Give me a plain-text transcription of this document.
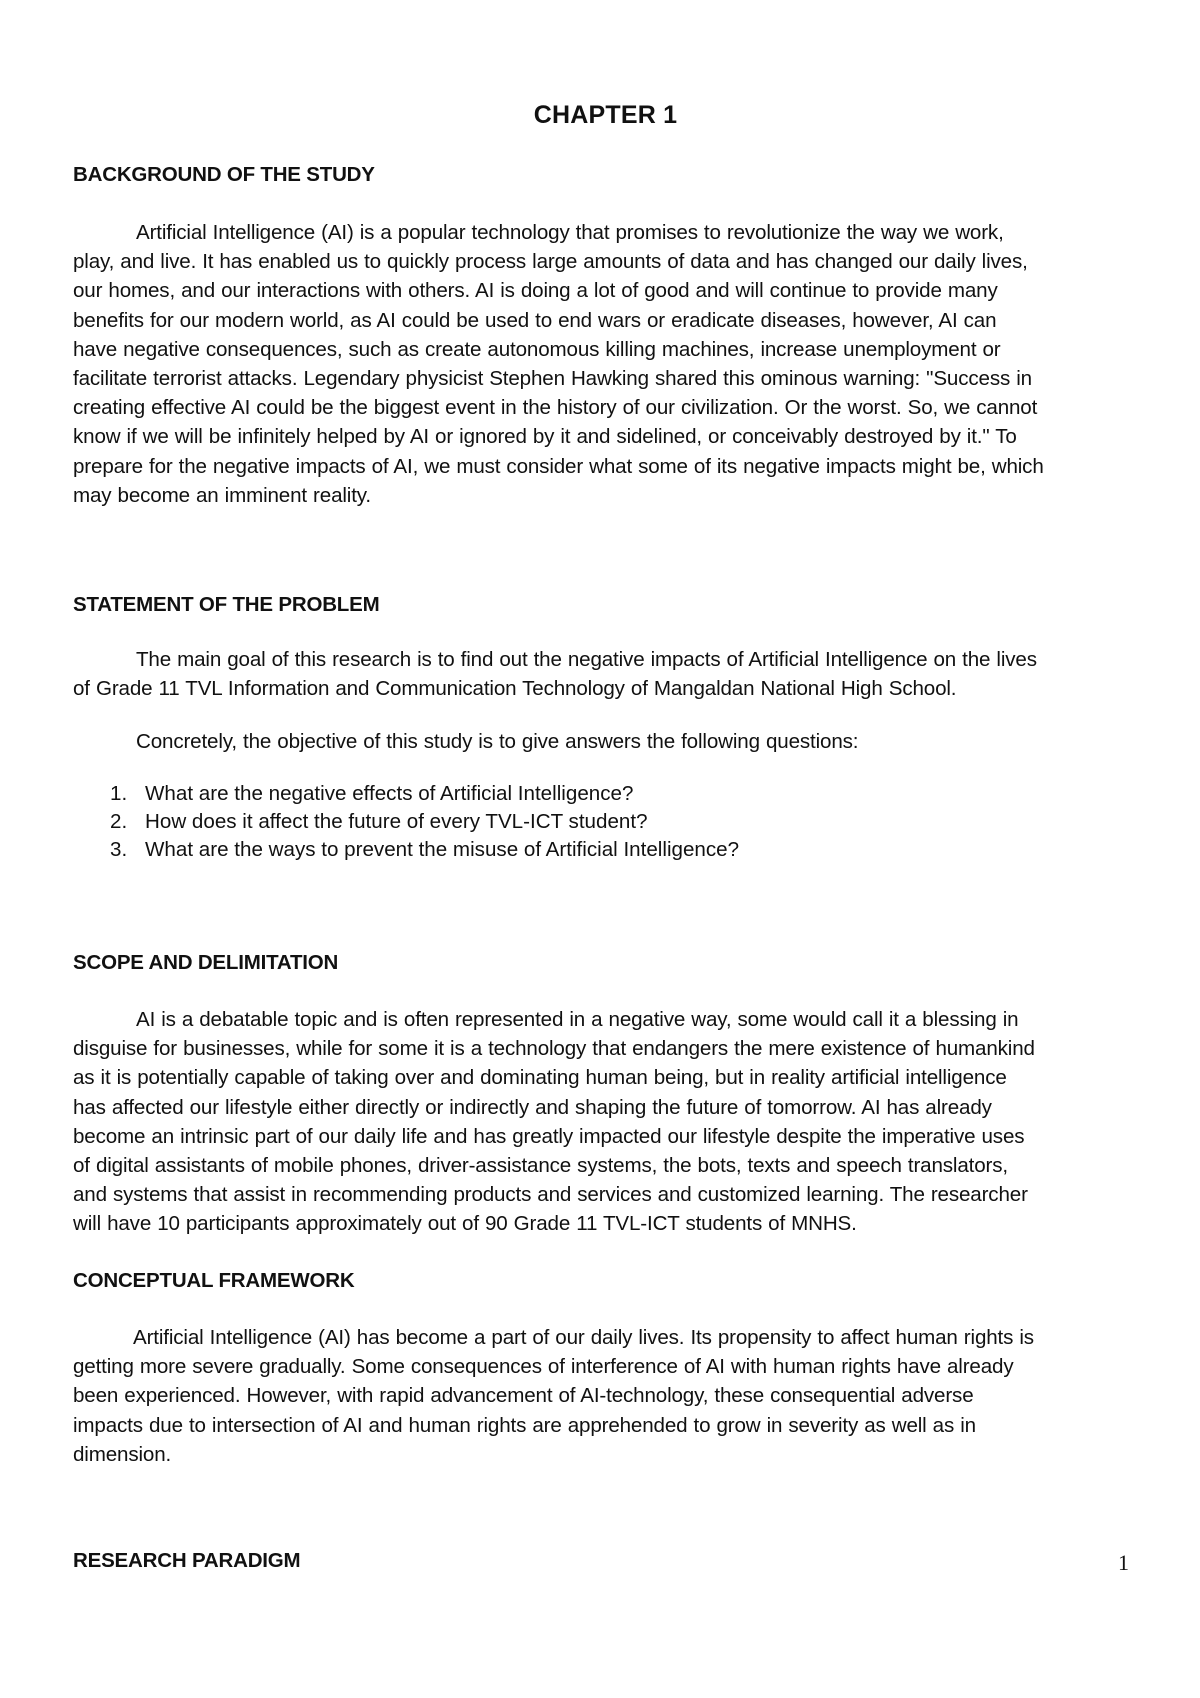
CHAPTER 1
BACKGROUND OF THE STUDY
Artificial Intelligence (AI) is a popular technology that promises to revolutionize the way we work,
play, and live. It has enabled us to quickly process large amounts of data and has changed our daily lives,
our homes, and our interactions with others. AI is doing a lot of good and will continue to provide many
benefits for our modern world, as AI could be used to end wars or eradicate diseases, however, AI can
have negative consequences, such as create autonomous killing machines, increase unemployment or
facilitate terrorist attacks. Legendary physicist Stephen Hawking shared this ominous warning: "Success in
creating effective AI could be the biggest event in the history of our civilization. Or the worst. So, we cannot
know if we will be infinitely helped by AI or ignored by it and sidelined, or conceivably destroyed by it." To
prepare for the negative impacts of AI, we must consider what some of its negative impacts might be, which
may become an imminent reality.
STATEMENT OF THE PROBLEM
The main goal of this research is to find out the negative impacts of Artificial Intelligence on the lives
of Grade 11 TVL Information and Communication Technology of Mangaldan National High School.
Concretely, the objective of this study is to give answers the following questions:
1. What are the negative effects of Artificial Intelligence?
2. How does it affect the future of every TVL-ICT student?
3. What are the ways to prevent the misuse of Artificial Intelligence?
SCOPE AND DELIMITATION
AI is a debatable topic and is often represented in a negative way, some would call it a blessing in
disguise for businesses, while for some it is a technology that endangers the mere existence of humankind
as it is potentially capable of taking over and dominating human being, but in reality artificial intelligence
has affected our lifestyle either directly or indirectly and shaping the future of tomorrow. AI has already
become an intrinsic part of our daily life and has greatly impacted our lifestyle despite the imperative uses
of digital assistants of mobile phones, driver-assistance systems, the bots, texts and speech translators,
and systems that assist in recommending products and services and customized learning. The researcher
will have 10 participants approximately out of 90 Grade 11 TVL-ICT students of MNHS.
CONCEPTUAL FRAMEWORK
Artificial Intelligence (AI) has become a part of our daily lives. Its propensity to affect human rights is
getting more severe gradually. Some consequences of interference of AI with human rights have already
been experienced. However, with rapid advancement of AI-technology, these consequential adverse
impacts due to intersection of AI and human rights are apprehended to grow in severity as well as in
dimension.
RESEARCH PARADIGM	1
